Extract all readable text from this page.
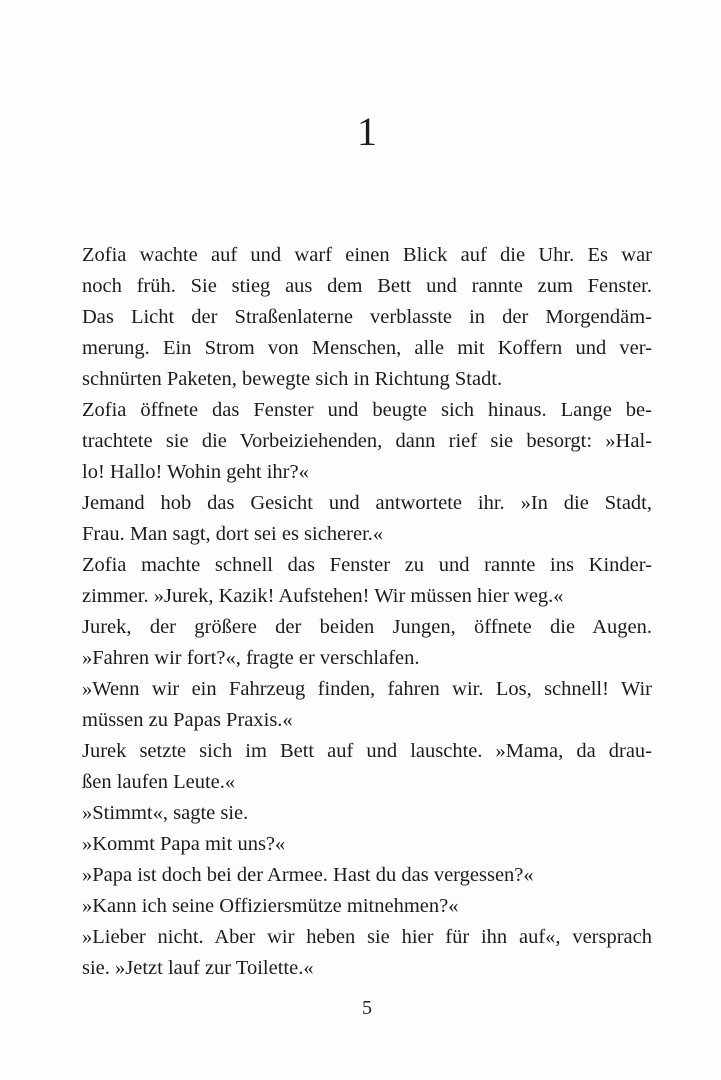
1
Zofia wachte auf und warf einen Blick auf die Uhr. Es war
noch früh. Sie stieg aus dem Bett und rannte zum Fenster.
Das Licht der Straßenlaterne verblasste in der Morgendäm-
merung. Ein Strom von Menschen, alle mit Koffern und ver-
schnürten Paketen, bewegte sich in Richtung Stadt.
Zofia öffnete das Fenster und beugte sich hinaus. Lange be-
trachtete sie die Vorbeiziehenden, dann rief sie besorgt: »Hal-
lo! Hallo! Wohin geht ihr?«
Jemand hob das Gesicht und antwortete ihr. »In die Stadt,
Frau. Man sagt, dort sei es sicherer.«
Zofia machte schnell das Fenster zu und rannte ins Kinder-
zimmer. »Jurek, Kazik! Aufstehen! Wir müssen hier weg.«
Jurek, der größere der beiden Jungen, öffnete die Augen.
»Fahren wir fort?«, fragte er verschlafen.
»Wenn wir ein Fahrzeug finden, fahren wir. Los, schnell! Wir
müssen zu Papas Praxis.«
Jurek setzte sich im Bett auf und lauschte. »Mama, da drau-
ßen laufen Leute.«
»Stimmt«, sagte sie.
»Kommt Papa mit uns?«
»Papa ist doch bei der Armee. Hast du das vergessen?«
»Kann ich seine Offiziersmütze mitnehmen?«
»Lieber nicht. Aber wir heben sie hier für ihn auf«, versprach
sie. »Jetzt lauf zur Toilette.«
5
